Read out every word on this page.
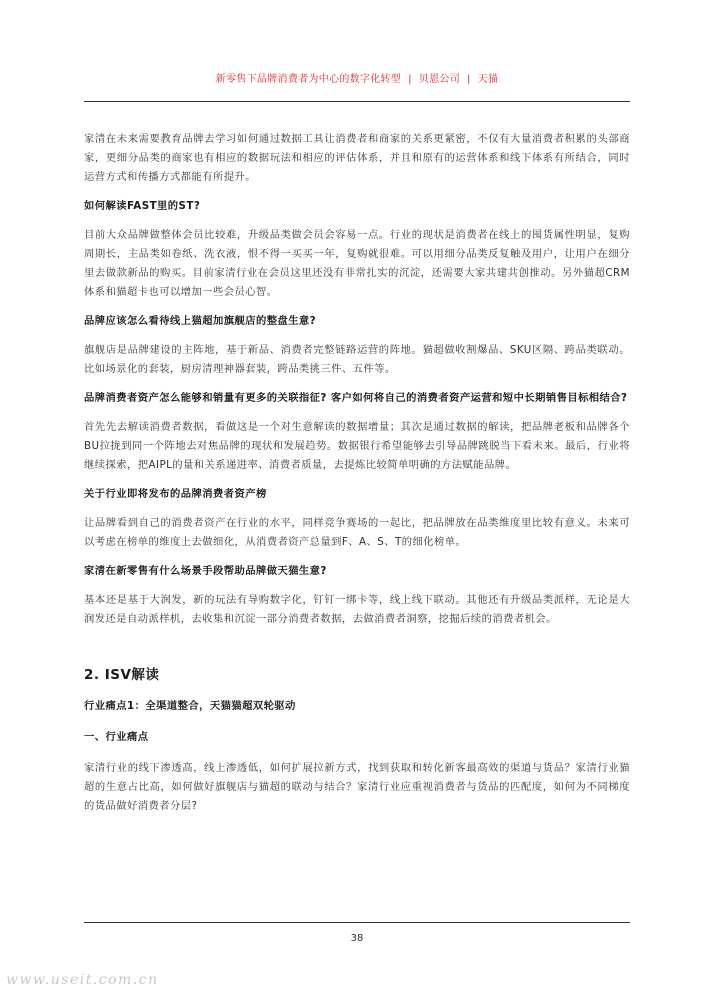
新零售下品牌消费者为中心的数字化转型 | 贝恩公司 | 天猫

家清在未来需要教育品牌去学习如何通过数据工具让消费者和商家的关系更紧密，不仅有大量消费者积累的头部商家，更细分品类的商家也有相应的数据玩法和相应的评估体系，并且和原有的运营体系和线下体系有所结合，同时运营方式和传播方式都能有所提升。

如何解读FAST里的ST?

目前大众品牌做整体会员比较难，升级品类做会员会容易一点。行业的现状是消费者在线上的囤货属性明显，复购周期长，主品类如卷纸、洗衣液，恨不得一买买一年，复购就很难。可以用细分品类反复触及用户，让用户在细分里去做款新品的购买。目前家清行业在会员这里还没有非常扎实的沉淀，还需要大家共建共创推动。另外猫超CRM体系和猫超卡也可以增加一些会员心智。

品牌应该怎么看待线上猫超加旗舰店的整盘生意?

旗舰店是品牌建设的主阵地，基于新品、消费者完整链路运营的阵地。猫超做收割爆品、SKU区隔、跨品类联动。比如场景化的套装，厨房清理神器套装，跨品类挑三件、五件等。

品牌消费者资产怎么能够和销量有更多的关联指征? 客户如何将自己的消费者资产运营和短中长期销售目标相结合?

首先先去解读消费者数据，看做这是一个对生意解读的数据增量；其次是通过数据的解读，把品牌老板和品牌各个BU拉拢到同一个阵地去对焦品牌的现状和发展趋势。数据银行希望能够去引导品牌跳脱当下看未来。最后，行业将继续探索，把AIPL的量和关系递进率、消费者质量，去提炼比较简单明确的方法赋能品牌。

关于行业即将发布的品牌消费者资产榜

让品牌看到自己的消费者资产在行业的水平，同样竞争赛场的一起比，把品牌放在品类维度里比较有意义。未来可以考虑在榜单的维度上去做细化，从消费者资产总量到F、A、S、T的细化榜单。

家清在新零售有什么场景手段帮助品牌做天猫生意?

基本还是基于大润发，新的玩法有导购数字化，钉钉一绑卡等，线上线下联动。其他还有升级品类派样，无论是大润发还是自动派样机，去收集和沉淀一部分消费者数据，去做消费者洞察，挖掘后续的消费者机会。

2. ISV解读
行业痛点1：全渠道整合，天猫猫超双轮驱动
一、行业痛点

家清行业的线下渗透高，线上渗透低，如何扩展拉新方式，找到获取和转化新客最高效的渠道与货品？家清行业猫超的生意占比高，如何做好旗舰店与猫超的联动与结合？家清行业应重视消费者与货品的匹配度，如何为不同梯度的货品做好消费者分层?

38
www.useit.com.cn
